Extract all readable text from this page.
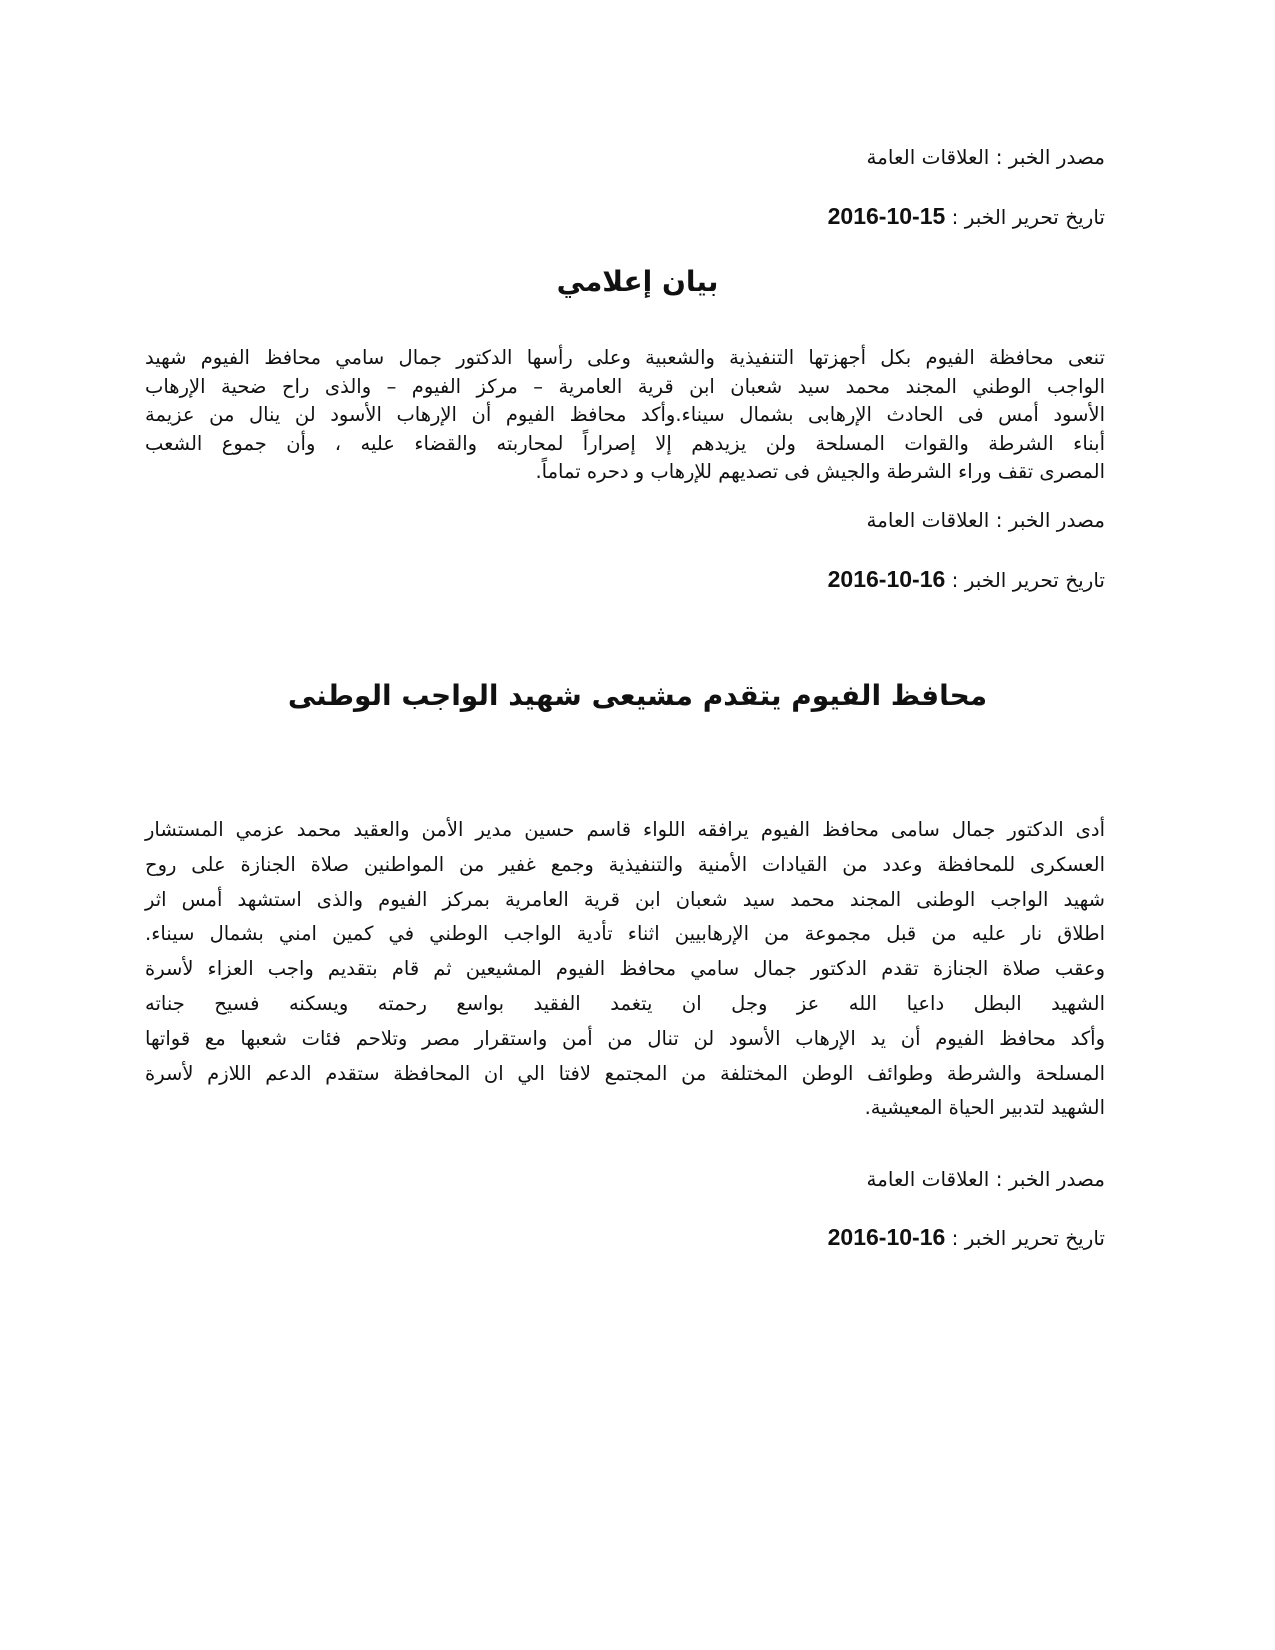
مصدر الخبر : العلاقات العامة
تاريخ تحرير الخبر : 2016-10-15
بيان إعلامي
تنعى محافظة الفيوم بكل أجهزتها التنفيذية والشعبية وعلى رأسها الدكتور جمال سامي محافظ الفيوم شهيد
الواجب الوطني المجند محمد سيد شعبان ابن قرية العامرية – مركز الفيوم – والذى راح ضحية الإرهاب
الأسود أمس فى الحادث الإرهابى بشمال سيناء.وأكد محافظ الفيوم أن الإرهاب الأسود لن ينال من عزيمة
أبناء الشرطة والقوات المسلحة ولن يزيدهم إلا إصراراً لمحاربته والقضاء عليه ، وأن جموع الشعب
المصرى تقف وراء الشرطة والجيش فى تصديهم للإرهاب و دحره تماماً.
مصدر الخبر : العلاقات العامة
تاريخ تحرير الخبر : 2016-10-16
محافظ الفيوم يتقدم مشيعى شهيد الواجب الوطنى
أدى الدكتور جمال سامى محافظ الفيوم يرافقه اللواء قاسم حسين مدير الأمن والعقيد محمد عزمي المستشار
العسكرى للمحافظة وعدد من القيادات الأمنية والتنفيذية وجمع غفير من المواطنين صلاة الجنازة على روح
شهيد الواجب الوطنى المجند محمد سيد شعبان ابن قرية العامرية بمركز الفيوم والذى استشهد أمس اثر
اطلاق نار عليه من قبل مجموعة من الإرهابيين اثناء تأدية الواجب الوطني في كمين امني بشمال سيناء.
وعقب صلاة الجنازة تقدم الدكتور جمال سامي محافظ الفيوم المشيعين ثم قام بتقديم واجب العزاء لأسرة
الشهيد البطل داعيا الله عز وجل ان يتغمد الفقيد بواسع رحمته ويسكنه فسيح جناته
وأكد محافظ الفيوم أن يد الإرهاب الأسود لن تنال من أمن واستقرار مصر وتلاحم فئات شعبها مع قواتها
المسلحة والشرطة وطوائف الوطن المختلفة من المجتمع لافتا الي ان المحافظة ستقدم الدعم اللازم لأسرة
الشهيد لتدبير الحياة المعيشية.
مصدر الخبر : العلاقات العامة
تاريخ تحرير الخبر : 2016-10-16
